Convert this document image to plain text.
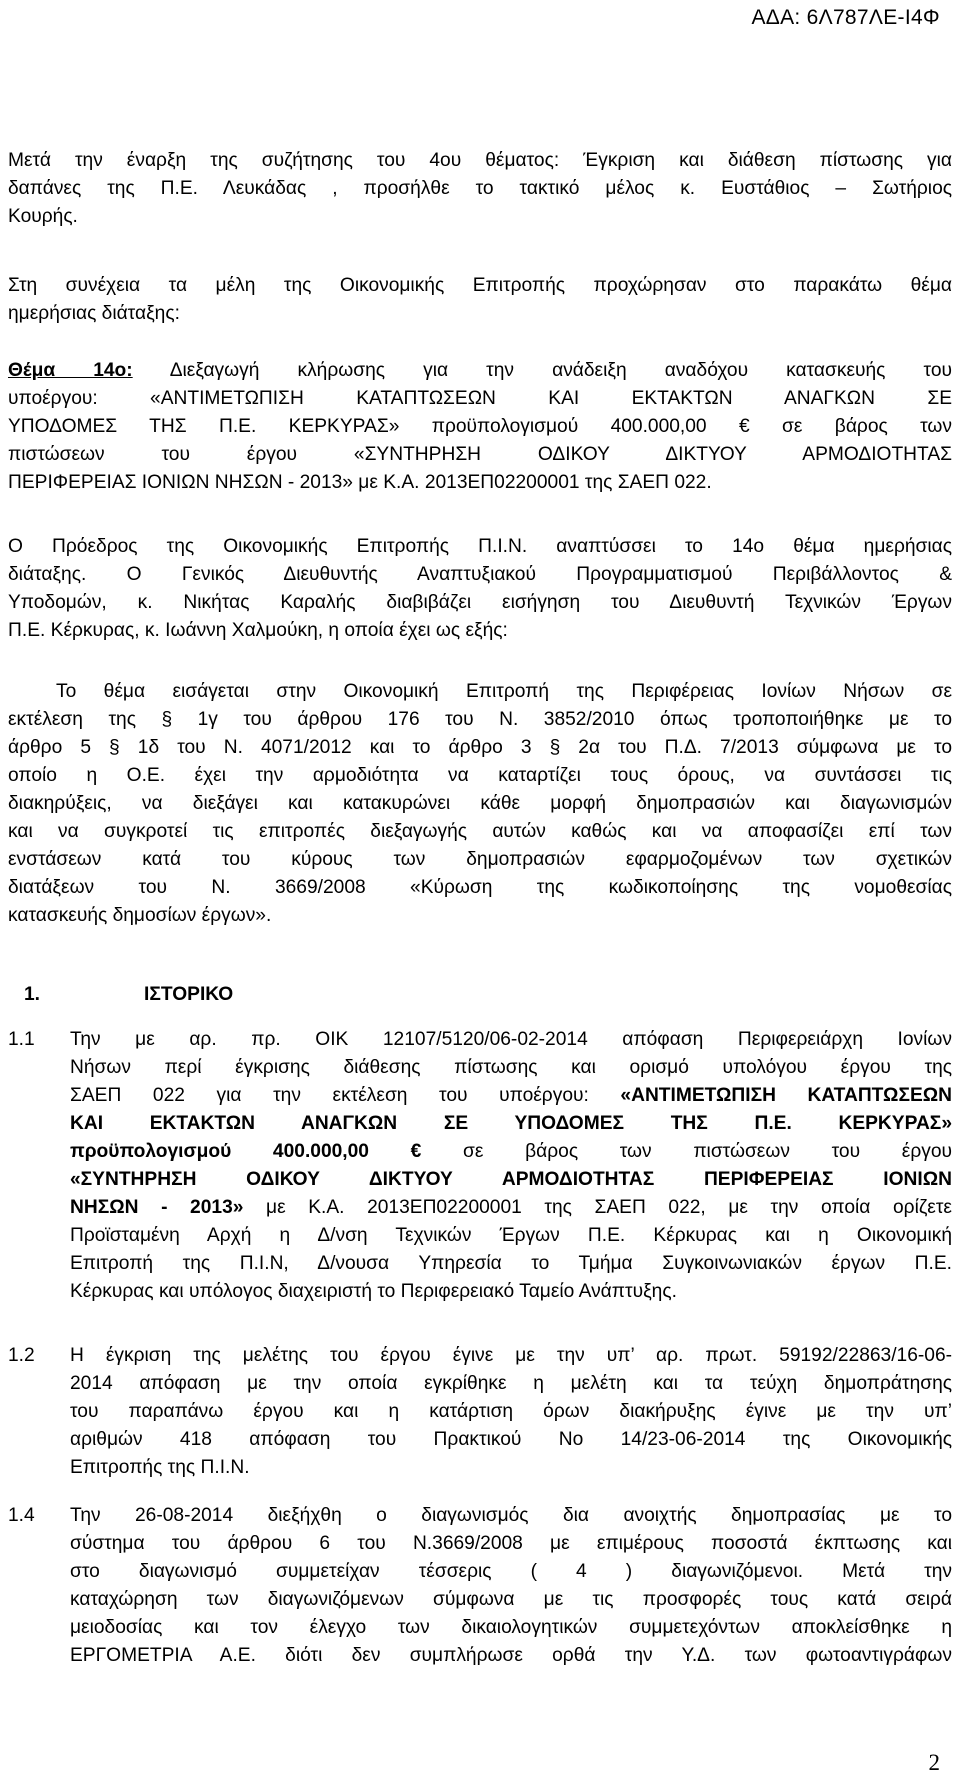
ΑΔΑ: 6Λ787ΛΕ-Ι4Φ
Μετά την έναρξη της συζήτησης του 4ου θέματος: Έγκριση και διάθεση πίστωσης για
δαπάνες της Π.Ε. Λευκάδας , προσήλθε το τακτικό μέλος κ. Ευστάθιος – Σωτήριος
Κουρής.
Στη συνέχεια τα μέλη της Οικονομικής Επιτροπής προχώρησαν στο παρακάτω θέμα
ημερήσιας διάταξης:
Θέμα 14ο: Διεξαγωγή κλήρωσης για την ανάδειξη αναδόχου κατασκευής του
υποέργου: «ΑΝΤΙΜΕΤΩΠΙΣΗ ΚΑΤΑΠΤΩΣΕΩΝ ΚΑΙ ΕΚΤΑΚΤΩΝ ΑΝΑΓΚΩΝ ΣΕ
ΥΠΟΔΟΜΕΣ ΤΗΣ Π.Ε. ΚΕΡΚΥΡΑΣ» προϋπολογισμού 400.000,00 € σε βάρος των
πιστώσεων του έργου «ΣΥΝΤΗΡΗΣΗ ΟΔΙΚΟΥ ΔΙΚΤΥΟΥ ΑΡΜΟΔΙΟΤΗΤΑΣ
ΠΕΡΙΦΕΡΕΙΑΣ ΙΟΝΙΩΝ ΝΗΣΩΝ - 2013» με Κ.Α. 2013ΕΠ02200001 της ΣΑΕΠ 022.
Ο Πρόεδρος της Οικονομικής Επιτροπής Π.Ι.Ν. αναπτύσσει το 14ο θέμα ημερήσιας
διάταξης. Ο Γενικός Διευθυντής Αναπτυξιακού Προγραμματισμού Περιβάλλοντος &
Υποδομών, κ. Νικήτας Καραλής διαβιβάζει εισήγηση του Διευθυντή Τεχνικών Έργων
Π.Ε. Κέρκυρας, κ. Ιωάννη Χαλμούκη, η οποία έχει ως εξής:
Το θέμα εισάγεται στην Οικονομική Επιτροπή της Περιφέρειας Ιονίων Νήσων σε
εκτέλεση της § 1γ του άρθρου 176 του Ν. 3852/2010 όπως τροποποιήθηκε με το
άρθρο 5 § 1δ του Ν. 4071/2012 και το άρθρο 3 § 2α του Π.Δ. 7/2013 σύμφωνα με το
οποίο η Ο.Ε. έχει την αρμοδιότητα να καταρτίζει τους όρους, να συντάσσει τις
διακηρύξεις, να διεξάγει και κατακυρώνει κάθε μορφή δημοπρασιών και διαγωνισμών
και να συγκροτεί τις επιτροπές διεξαγωγής αυτών καθώς και να αποφασίζει επί των
ενστάσεων κατά του κύρους των δημοπρασιών εφαρμοζομένων των σχετικών
διατάξεων του Ν. 3669/2008 «Κύρωση της κωδικοποίησης της νομοθεσίας
κατασκευής δημοσίων έργων».
1.	ΙΣΤΟΡΙΚΟ
1.1 Την με αρ. πρ. ΟΙΚ 12107/5120/06-02-2014 απόφαση Περιφερειάρχη Ιονίων
Νήσων περί έγκρισης διάθεσης πίστωσης και ορισμό υπολόγου έργου της
ΣΑΕΠ 022 για την εκτέλεση του υποέργου: «ΑΝΤΙΜΕΤΩΠΙΣΗ ΚΑΤΑΠΤΩΣΕΩΝ
ΚΑΙ ΕΚΤΑΚΤΩΝ ΑΝΑΓΚΩΝ ΣΕ ΥΠΟΔΟΜΕΣ ΤΗΣ Π.Ε. ΚΕΡΚΥΡΑΣ»
προϋπολογισμού 400.000,00 € σε βάρος των πιστώσεων του έργου
«ΣΥΝΤΗΡΗΣΗ ΟΔΙΚΟΥ ΔΙΚΤΥΟΥ ΑΡΜΟΔΙΟΤΗΤΑΣ ΠΕΡΙΦΕΡΕΙΑΣ ΙΟΝΙΩΝ
ΝΗΣΩΝ - 2013» με Κ.Α. 2013ΕΠ02200001 της ΣΑΕΠ 022, με την οποία ορίζετε
Προϊσταμένη Αρχή η Δ/νση Τεχνικών Έργων Π.Ε. Κέρκυρας και η Οικονομική
Επιτροπή της Π.Ι.Ν, Δ/νουσα Υπηρεσία το Τμήμα Συγκοινωνιακών έργων Π.Ε.
Κέρκυρας και υπόλογος διαχειριστή το Περιφερειακό Ταμείο Ανάπτυξης.
1.2 Η έγκριση της μελέτης του έργου έγινε με την υπ’ αρ. πρωτ. 59192/22863/16-06-
2014 απόφαση με την οποία εγκρίθηκε η μελέτη και τα τεύχη δημοπράτησης
του παραπάνω έργου και η κατάρτιση όρων διακήρυξης έγινε με την υπ’
αριθμών 418 απόφαση του Πρακτικού Νο 14/23-06-2014 της Οικονομικής
Επιτροπής της Π.Ι.Ν.
1.4 Την 26-08-2014 διεξήχθη ο διαγωνισμός δια ανοιχτής δημοπρασίας με το
σύστημα του άρθρου 6 του Ν.3669/2008 με επιμέρους ποσοστά έκπτωσης και
στο διαγωνισμό συμμετείχαν τέσσερις ( 4 ) διαγωνιζόμενοι. Μετά την
καταχώρηση των διαγωνιζόμενων σύμφωνα με τις προσφορές τους κατά σειρά
μειοδοσίας και τον έλεγχο των δικαιολογητικών συμμετεχόντων αποκλείσθηκε η
ΕΡΓΟΜΕΤΡΙΑ Α.Ε. διότι δεν συμπλήρωσε ορθά την Υ.Δ. των φωτοαντιγράφων
2
